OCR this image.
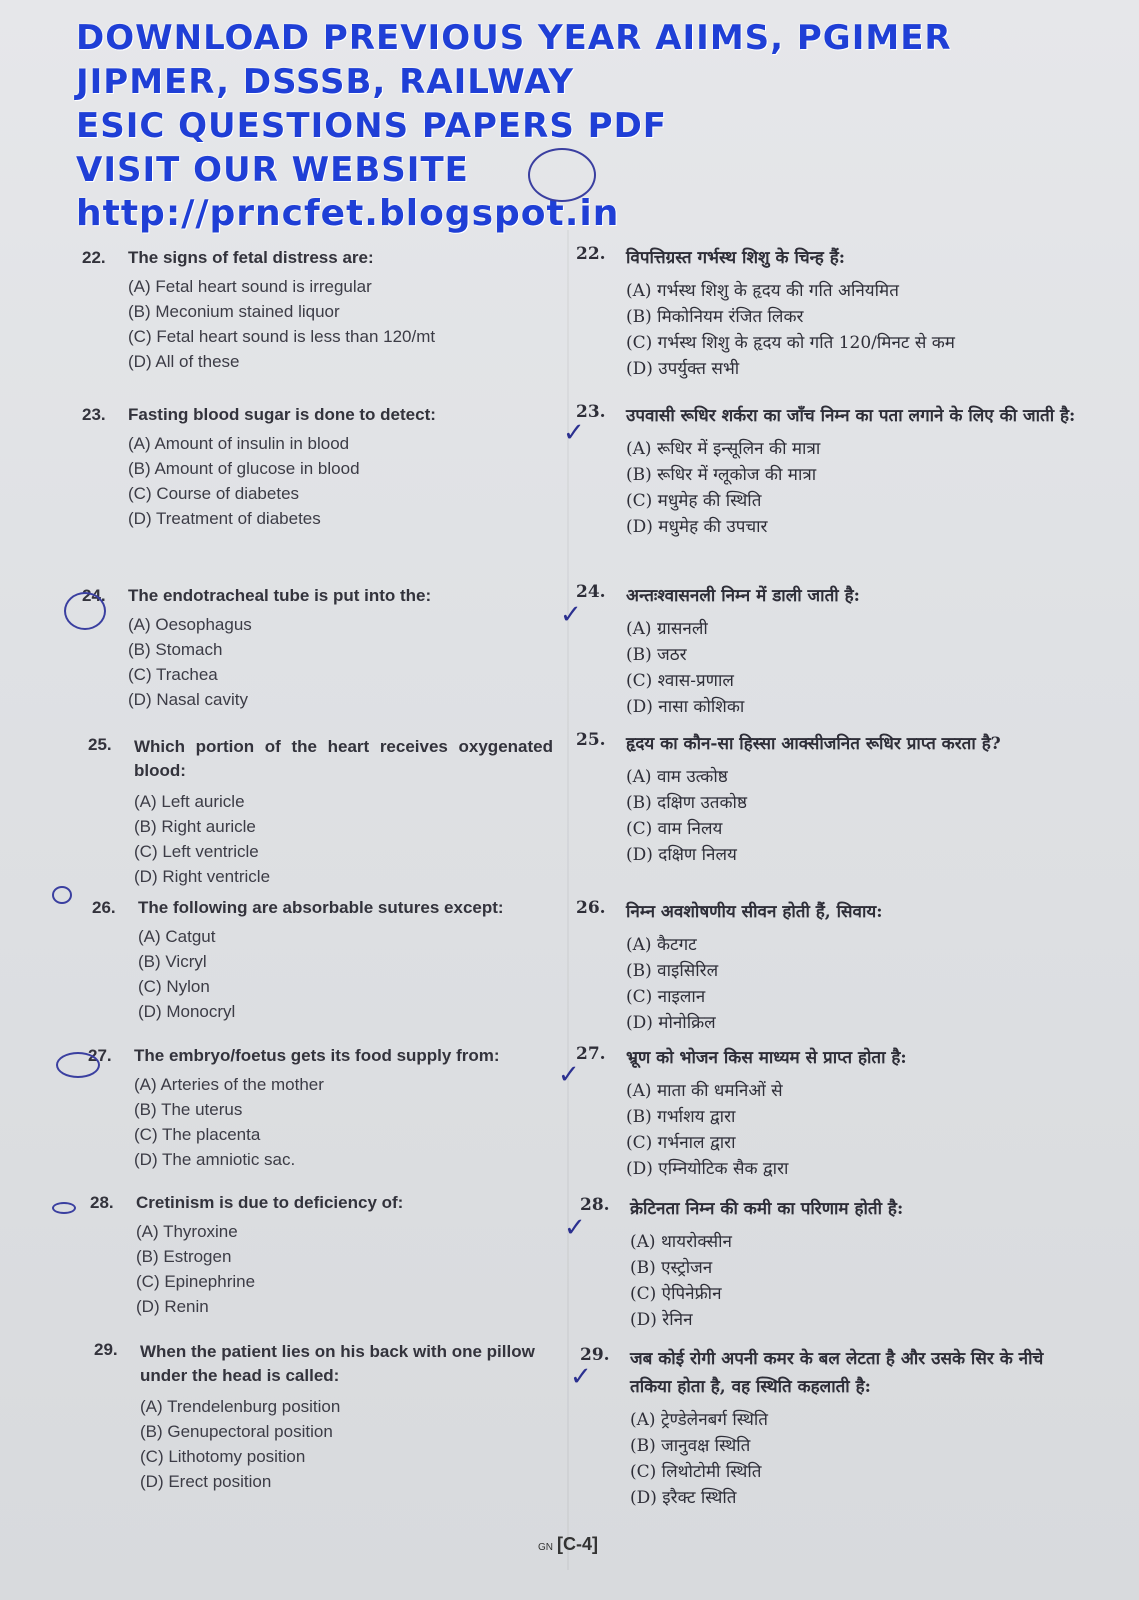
DOWNLOAD PREVIOUS YEAR AIIMS, PGIMER
JIPMER, DSSSB, RAILWAY
ESIC QUESTIONS PAPERS PDF
VISIT OUR WEBSITE
http://prncfet.blogspot.in
22.	The signs of fetal distress are:
(A) Fetal heart sound is irregular
(B) Meconium stained liquor
(C) Fetal heart sound is less than 120/mt
(D) All of these
23.	Fasting blood sugar is done to detect:
(A) Amount of insulin in blood
(B) Amount of glucose in blood
(C) Course of diabetes
(D) Treatment of diabetes
24.	The endotracheal tube is put into the:
(A) Oesophagus
(B) Stomach
(C) Trachea
(D) Nasal cavity
25.	Which portion of the heart receives oxygenated blood:
(A) Left auricle
(B) Right auricle
(C) Left ventricle
(D) Right ventricle
26.	The following are absorbable sutures except:
(A) Catgut
(B) Vicryl
(C) Nylon
(D) Monocryl
27.	The embryo/foetus gets its food supply from:
(A) Arteries of the mother
(B) The uterus
(C) The placenta
(D) The amniotic sac.
28.	Cretinism is due to deficiency of:
(A) Thyroxine
(B) Estrogen
(C) Epinephrine
(D) Renin
29.	When the patient lies on his back with one pillow under the head is called:
(A) Trendelenburg position
(B) Genupectoral position
(C) Lithotomy position
(D) Erect position
22.	विपत्तिग्रस्त गर्भस्थ शिशु के चिन्ह हैं:
(A) गर्भस्थ शिशु के हृदय की गति अनियमित
(B) मिकोनियम रंजित लिकर
(C) गर्भस्थ शिशु के हृदय को गति 120/मिनट से कम
(D) उपर्युक्त सभी
23.	उपवासी रूधिर शर्करा का जाँच निम्न का पता लगाने के लिए की जाती है:
(A) रूधिर में इन्सूलिन की मात्रा
(B) रूधिर में ग्लूकोज की मात्रा
(C) मधुमेह की स्थिति
(D) मधुमेह की उपचार
24.	अन्तःश्वासनली निम्न में डाली जाती है:
(A) ग्रासनली
(B) जठर
(C) श्वास-प्रणाल
(D) नासा कोशिका
25.	हृदय का कौन-सा हिस्सा आक्सीजनित रूधिर प्राप्त करता है?
(A) वाम उत्कोष्ठ
(B) दक्षिण उतकोष्ठ
(C) वाम निलय
(D) दक्षिण निलय
26.	निम्न अवशोषणीय सीवन होती हैं, सिवाय:
(A) कैटगट
(B) वाइसिरिल
(C) नाइलान
(D) मोनोक्रिल
27.	भ्रूण को भोजन किस माध्यम से प्राप्त होता है:
(A) माता की धमनिओं से
(B) गर्भाशय द्वारा
(C) गर्भनाल द्वारा
(D) एम्नियोटिक सैक द्वारा
28.	क्रेटिनता निम्न की कमी का परिणाम होती है:
(A) थायरोक्सीन
(B) एस्ट्रोजन
(C) ऐपिनेफ्रीन
(D) रेनिन
29.	जब कोई रोगी अपनी कमर के बल लेटता है और उसके सिर के नीचे तकिया होता है, वह स्थिति कहलाती है:
(A) ट्रेण्डेलेनबर्ग स्थिति
(B) जानुवक्ष स्थिति
(C) लिथोटोमी स्थिति
(D) इरैक्ट स्थिति
✓
✓
✓
✓
✓
GN [C-4]
